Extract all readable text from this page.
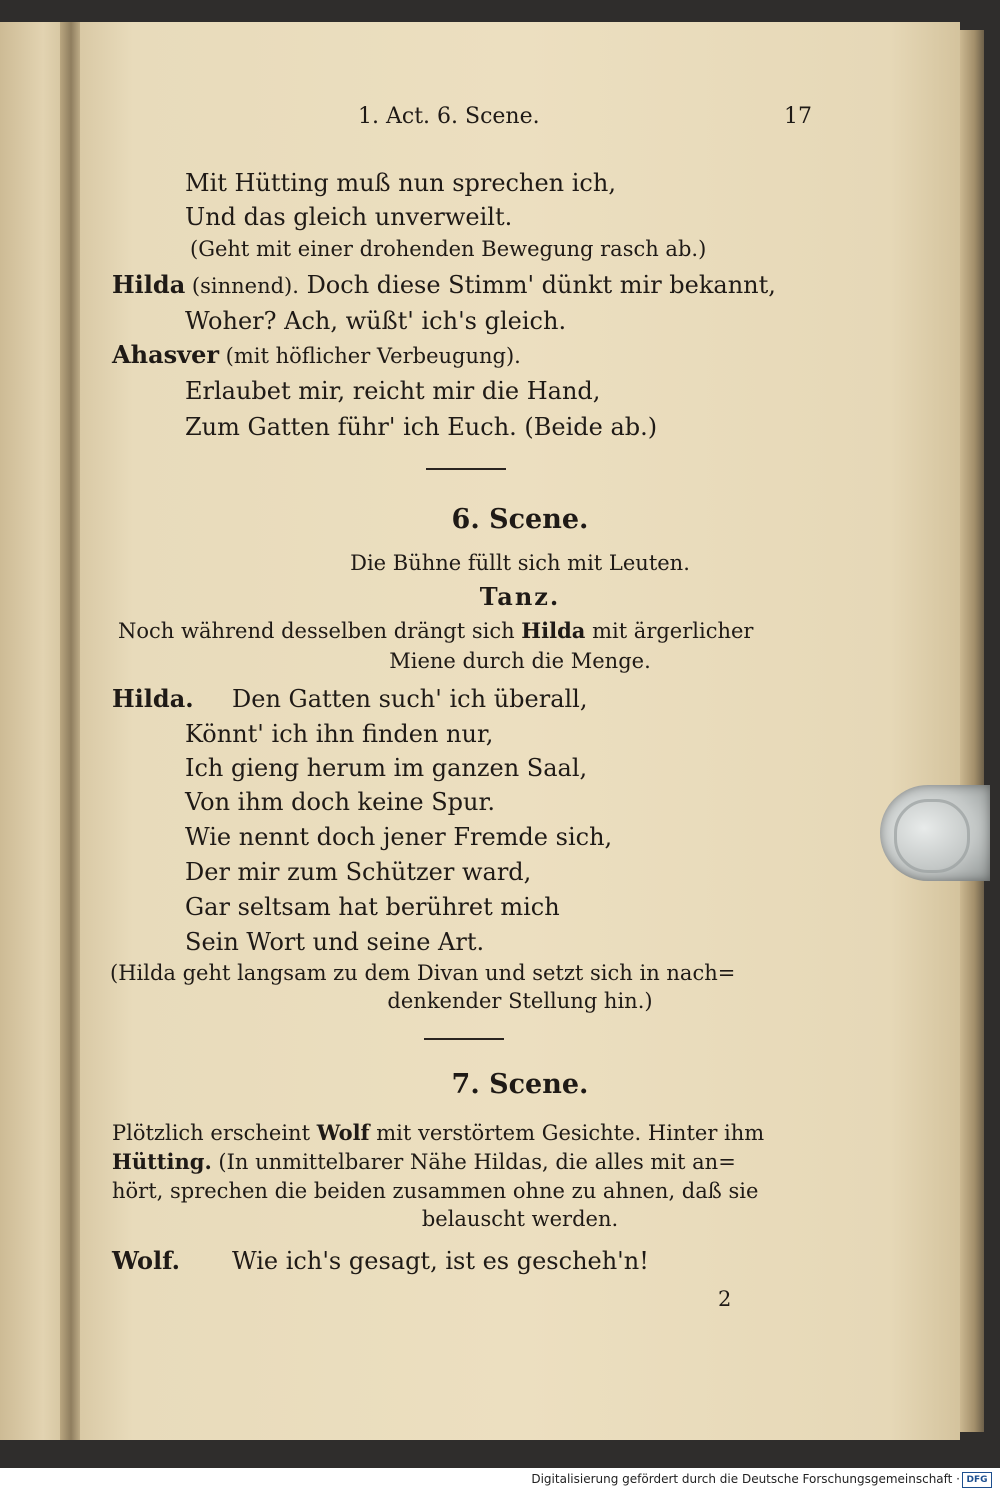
1. Act. 6. Scene.	17
Mit Hütting muß nun sprechen ich,
Und das gleich unverweilt.
(Geht mit einer drohenden Bewegung rasch ab.)
Hilda (sinnend). Doch diese Stimm' dünkt mir bekannt,
Woher? Ach, wüßt' ich's gleich.
Ahasver (mit höflicher Verbeugung).
Erlaubet mir, reicht mir die Hand,
Zum Gatten führ' ich Euch. (Beide ab.)
6. Scene.
Die Bühne füllt sich mit Leuten.
Tanz.
Noch während desselben drängt sich Hilda mit ärgerlicher
Miene durch die Menge.
Hilda. Den Gatten such' ich überall,
Könnt' ich ihn finden nur,
Ich gieng herum im ganzen Saal,
Von ihm doch keine Spur.
Wie nennt doch jener Fremde sich,
Der mir zum Schützer ward,
Gar seltsam hat berühret mich
Sein Wort und seine Art.
(Hilda geht langsam zu dem Divan und setzt sich in nach=
denkender Stellung hin.)
7. Scene.
Plötzlich erscheint Wolf mit verstörtem Gesichte. Hinter ihm
Hütting. (In unmittelbarer Nähe Hildas, die alles mit an=
hört, sprechen die beiden zusammen ohne zu ahnen, daß sie
belauscht werden.
Wolf. Wie ich's gesagt, ist es gescheh'n!
2
Digitalisierung gefördert durch die Deutsche Forschungsgemeinschaft · DFG
